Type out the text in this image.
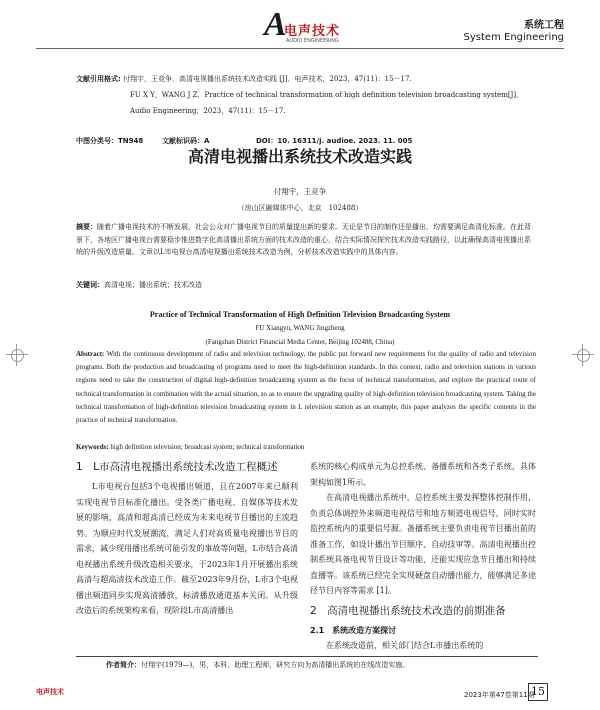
A
电声技术
AUDIO ENGINEERING
系统工程
System Engineering
文献引用格式: 付翔宇，王竞争．高清电视播出系统技术改造实践 [J]．电声技术，2023，47(11)：15－17.

FU X Y，WANG J Z．Practice of technical transformation of high definition television broadcasting system[J]．Audio Engineering，2023，47(11)：15－17.
中图分类号：TN948	文献标识码：A	DOI：10. 16311/j. audioe. 2023. 11. 005
高清电视播出系统技术改造实践
付翔宇，王竞争
（房山区融媒体中心，北京　102488）
摘要：随着广播电视技术的不断发展，社会公众对广播电视节目的质量提出新的要求。无论是节目的制作还是播出，均需要满足高清化标准。在此背景下，各地区广播电视台需要稳步推进数字化高清播出系统方面的技术改造的重心，结合实际情况探究技术改造实践路径，以此确保高清电视播出系统的升级改造质量。文章以L市电视台高清电视播出系统技术改造为例，分析技术改造实践中的具体内容。
关键词：高清电视；播出系统；技术改造
Practice of Technical Transformation of High Definition Television Broadcasting System
FU Xiangyu, WANG Jingzheng
(Fangshan District Financial Media Center, Beijing 102488, China)
Abstract: With the continuous development of radio and television technology, the public put forward new requirements for the quality of radio and television programs. Both the production and broadcasting of programs need to meet the high-definition standards. In this context, radio and television stations in various regions need to take the construction of digital high-definition broadcasting system as the focus of technical transformation, and explore the practical route of technical transformation in combination with the actual situation, so as to ensure the upgrading quality of high-definition television broadcasting system. Taking the technical transformation of high-definition television broadcasting system in L television station as an example, this paper analyzes the specific contents in the practice of technical transformation.
Keywords: high definition television; broadcast system; technical transformation
1　L市高清电视播出系统技术改造工程概述

L市电视台包括3个电视播出频道，且在2007年来已顺利实现电视节目标准化播出。受各类广播电视、自媒体等技术发展的影响，高清和超高清已经成为未来电视节目播出的主流趋势。为顺应时代发展潮流，满足人们对高质量电视播出节目的需求，减少现用播出系统可能引发的事故等问题，L市结合高清电视播出系统升级改造相关要求，于2023年1月开展播出系统高清与超高清技术改造工作。截至2023年9月份，L市3个电视播出频道同步实现高清播放，标清播放通道基本关闭。从升级改造后的系统架构来看，现阶段L市高清播出

系统的核心构成单元为总控系统、备播系统和各类子系统，具体架构如图1所示。

在高清电视播出系统中，总控系统主要发挥整体控制作用，负责总体调控外来频道电视信号和地方频道电视信号，同时实时监控系统内的重要信号源。备播系统主要负责电视节目播出前的准备工作，如设计播出节目顺序、自动技审等。高清电视播出控制系统具备电视节目设计等功能，还能实现应急节目播出和持续直播等。该系统已经完全实现硬盘自动播出能力，能够满足多途径节目内容等需求 [1]。

2　高清电视播出系统技术改造的前期准备
2.1　系统改造方案探讨

在系统改造前，相关部门结合L市播出系统的

作者简介：付翔宇(1979—)，男，本科，助理工程师，研究方向为高清播出系统的在线改造实施。
电声技术	2023年第47卷第11期
15
